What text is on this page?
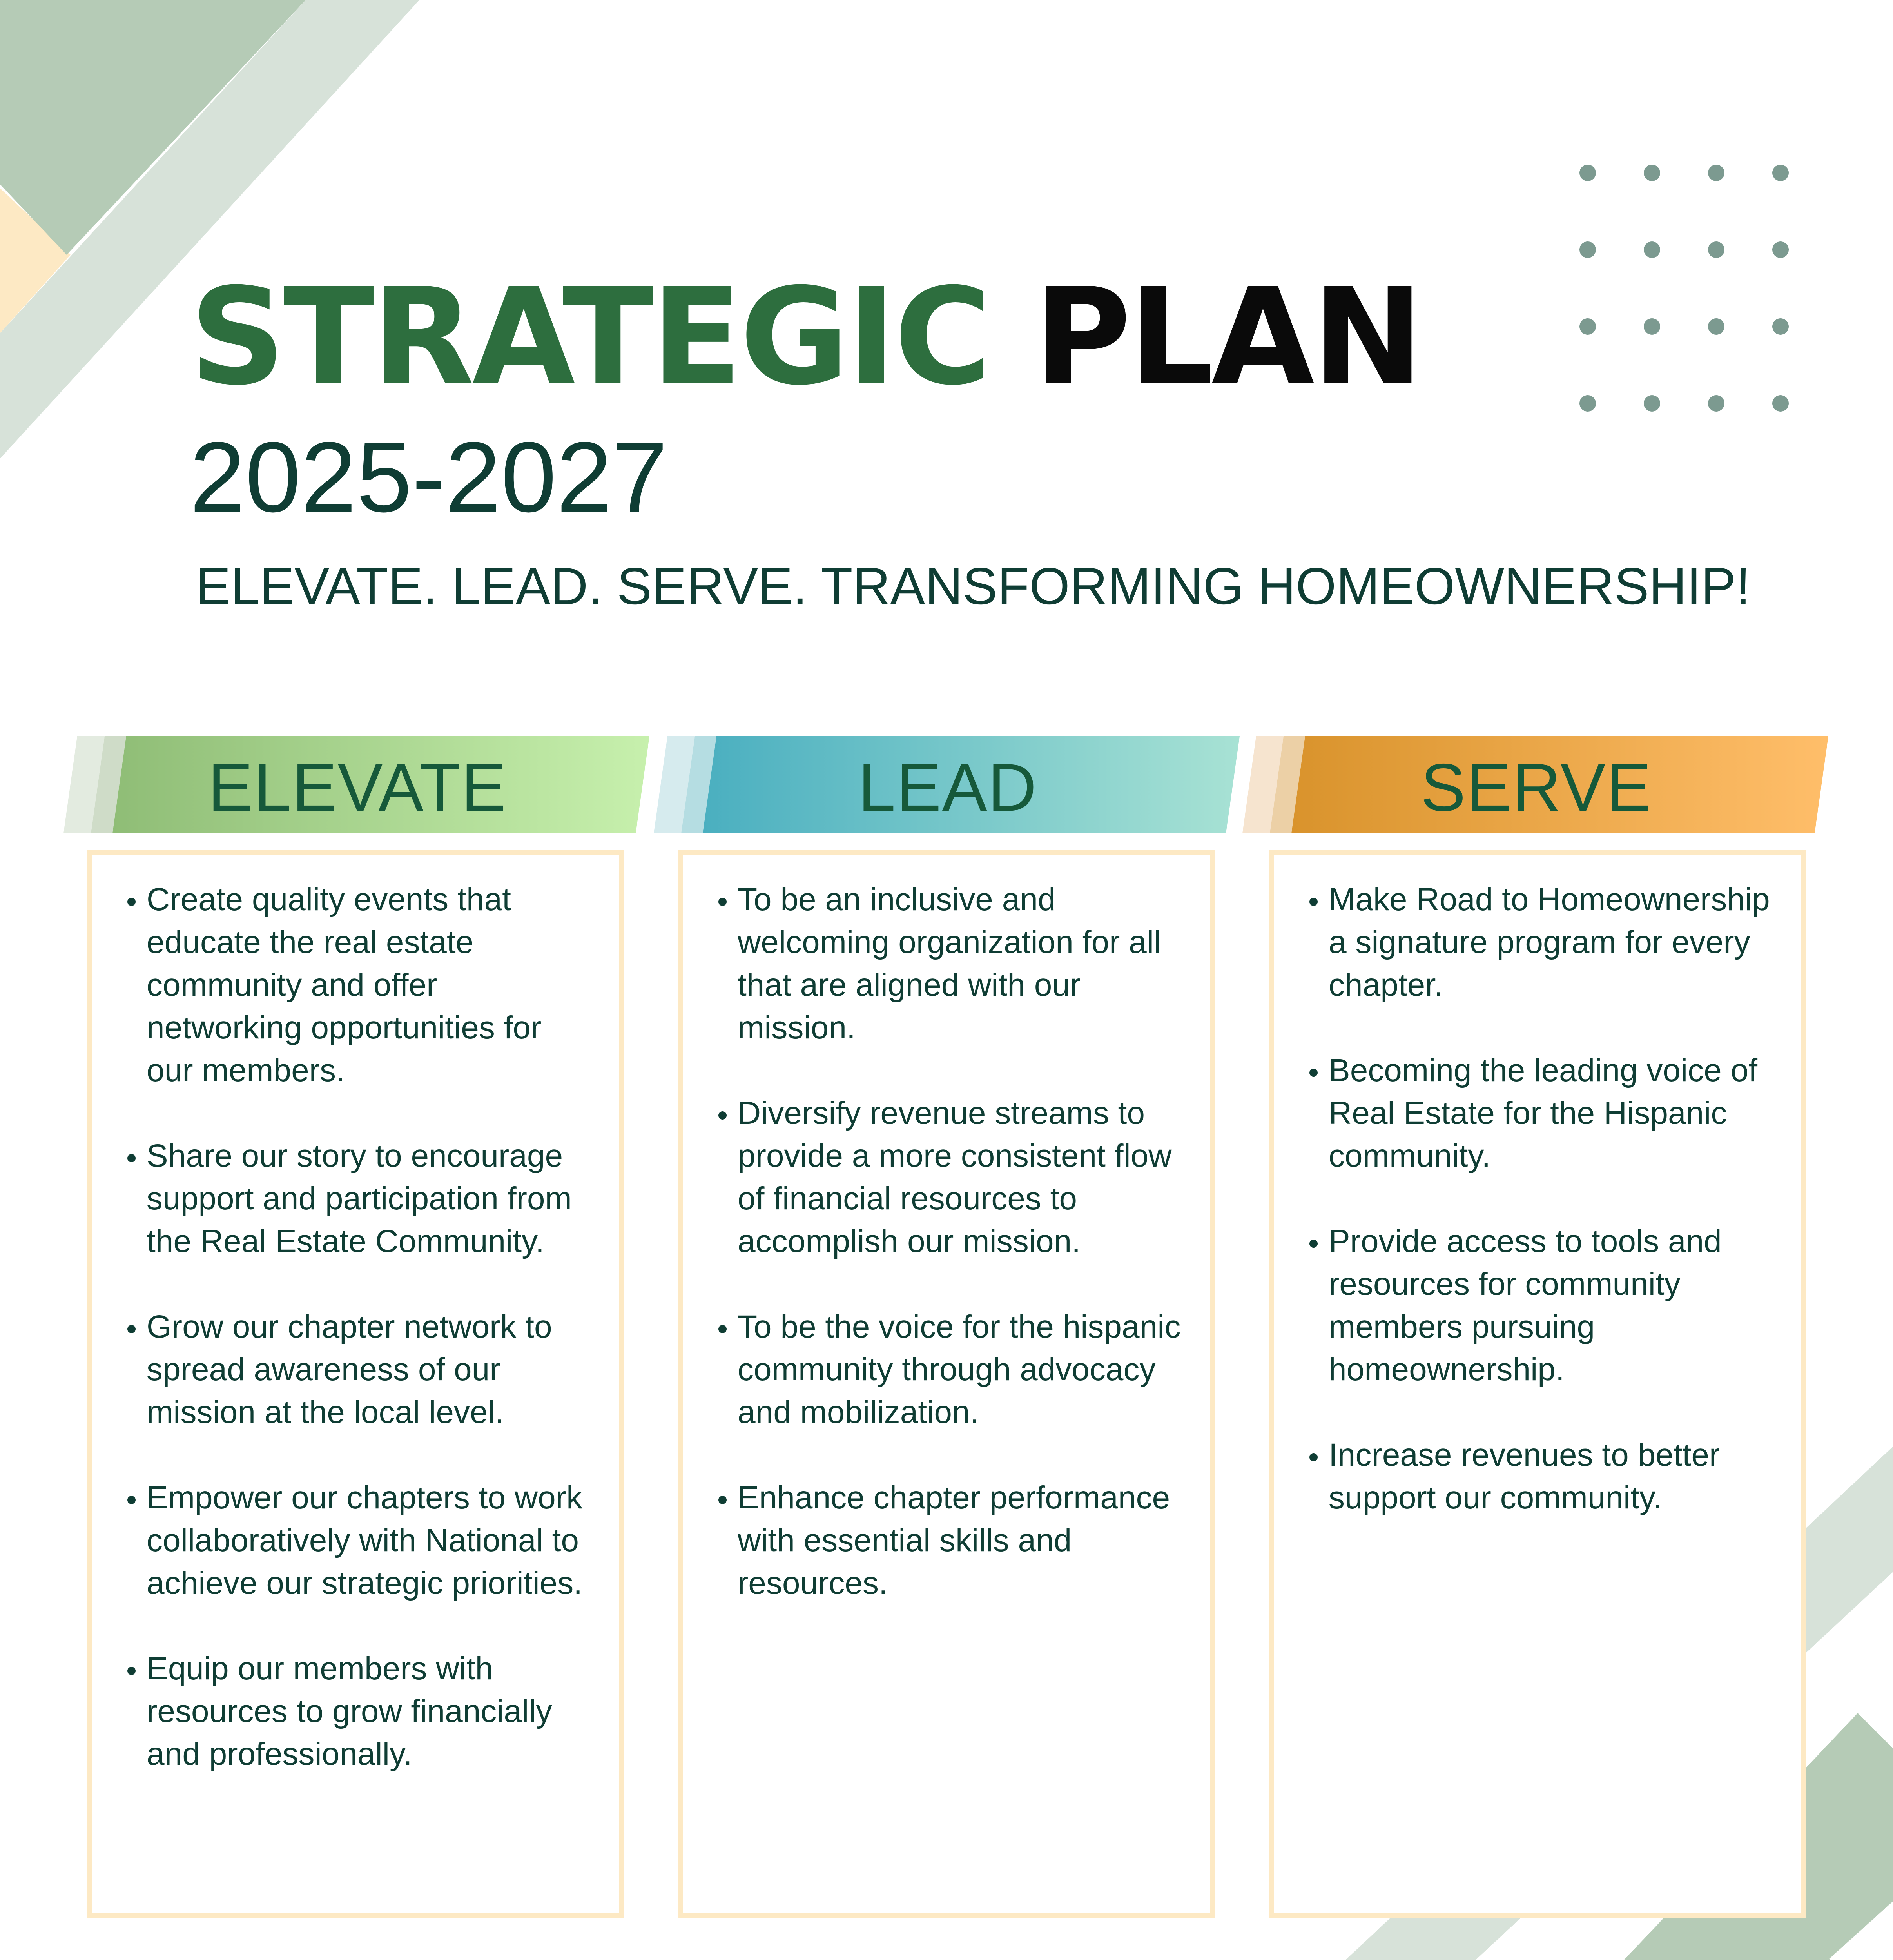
STRATEGIC PLAN
2025-2027
ELEVATE. LEAD. SERVE. TRANSFORMING HOMEOWNERSHIP!
ELEVATE	LEAD	SERVE
• Create quality events that educate the real estate community and offer networking opportunities for our members.
• Share our story to encourage support and participation from the Real Estate Community.
• Grow our chapter network to spread awareness of our mission at the local level.
• Empower our chapters to work collaboratively with National to achieve our strategic priorities.
• Equip our members with resources to grow financially and professionally.
• To be an inclusive and welcoming organization for all that are aligned with our mission.
• Diversify revenue streams to provide a more consistent flow of financial resources to accomplish our mission.
• To be the voice for the hispanic community through advocacy and mobilization.
• Enhance chapter performance with essential skills and resources.
• Make Road to Homeownership a signature program for every chapter.
• Becoming the leading voice of Real Estate for the Hispanic community.
• Provide access to tools and resources for community members pursuing homeownership.
• Increase revenues to better support our community.
